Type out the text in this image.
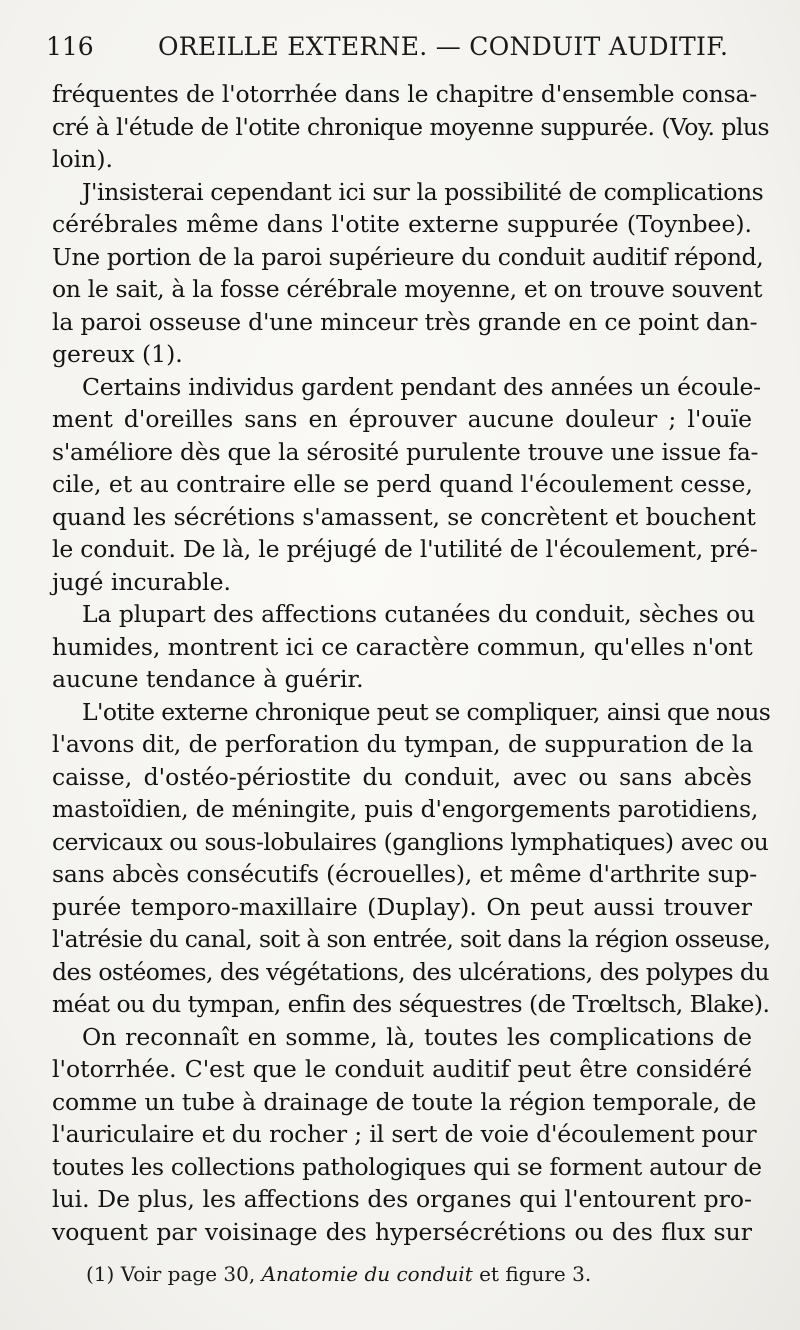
116	OREILLE EXTERNE. — CONDUIT AUDITIF.
fréquentes de l'otorrhée dans le chapitre d'ensemble consa-
cré à l'étude de l'otite chronique moyenne suppurée. (Voy. plus
loin).
J'insisterai cependant ici sur la possibilité de complications
cérébrales même dans l'otite externe suppurée (Toynbee).
Une portion de la paroi supérieure du conduit auditif répond,
on le sait, à la fosse cérébrale moyenne, et on trouve souvent
la paroi osseuse d'une minceur très grande en ce point dan-
gereux (1).
Certains individus gardent pendant des années un écoule-
ment d'oreilles sans en éprouver aucune douleur ; l'ouïe
s'améliore dès que la sérosité purulente trouve une issue fa-
cile, et au contraire elle se perd quand l'écoulement cesse,
quand les sécrétions s'amassent, se concrètent et bouchent
le conduit. De là, le préjugé de l'utilité de l'écoulement, pré-
jugé incurable.
La plupart des affections cutanées du conduit, sèches ou
humides, montrent ici ce caractère commun, qu'elles n'ont
aucune tendance à guérir.
L'otite externe chronique peut se compliquer, ainsi que nous
l'avons dit, de perforation du tympan, de suppuration de la
caisse, d'ostéo-périostite du conduit, avec ou sans abcès
mastoïdien, de méningite, puis d'engorgements parotidiens,
cervicaux ou sous-lobulaires (ganglions lymphatiques) avec ou
sans abcès consécutifs (écrouelles), et même d'arthrite sup-
purée temporo-maxillaire (Duplay). On peut aussi trouver
l'atrésie du canal, soit à son entrée, soit dans la région osseuse,
des ostéomes, des végétations, des ulcérations, des polypes du
méat ou du tympan, enfin des séquestres (de Trœltsch, Blake).
On reconnaît en somme, là, toutes les complications de
l'otorrhée. C'est que le conduit auditif peut être considéré
comme un tube à drainage de toute la région temporale, de
l'auriculaire et du rocher ; il sert de voie d'écoulement pour
toutes les collections pathologiques qui se forment autour de
lui. De plus, les affections des organes qui l'entourent pro-
voquent par voisinage des hypersécrétions ou des flux sur
(1) Voir page 30, Anatomie du conduit et figure 3.
